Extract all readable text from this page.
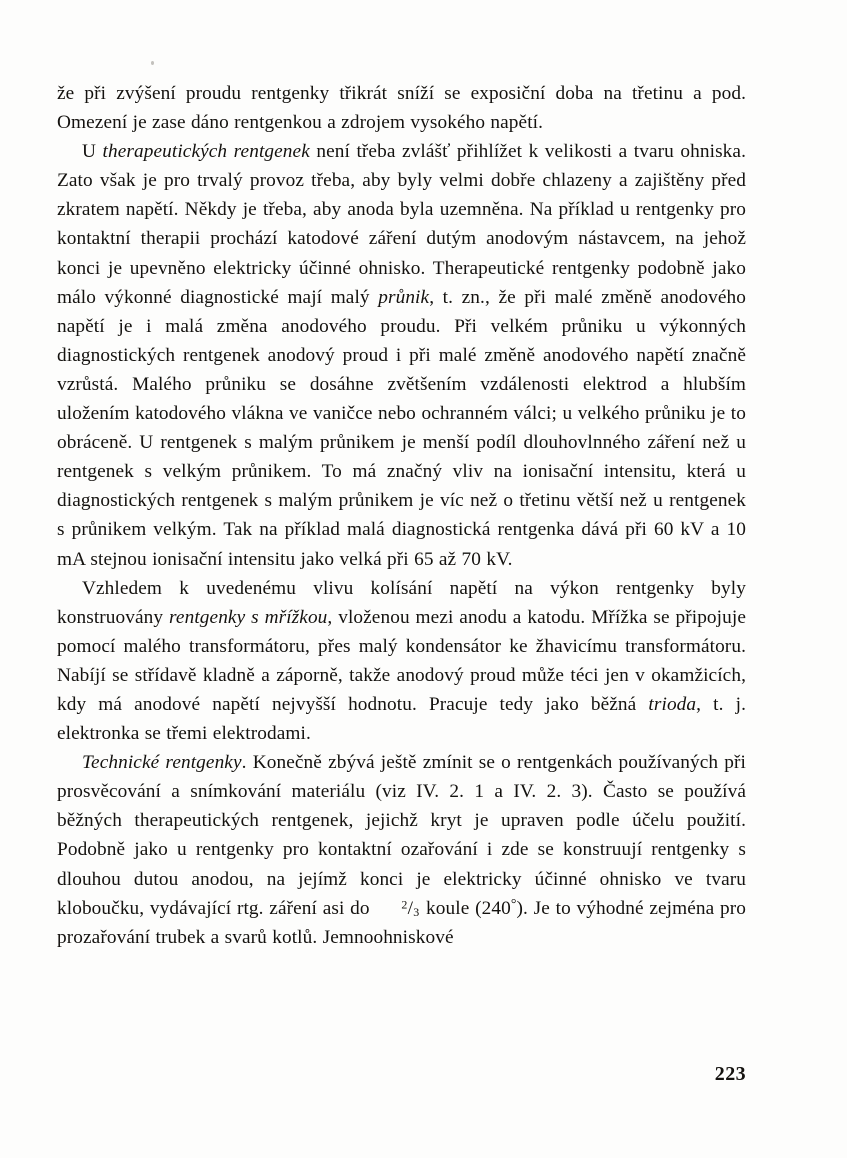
že při zvýšení proudu rentgenky třikrát sníží se exposiční doba na třetinu a pod. Omezení je zase dáno rentgenkou a zdrojem vysokého napětí.

U therapeutických rentgenek není třeba zvlášť přihlížet k velikosti a tvaru ohniska. Zato však je pro trvalý provoz třeba, aby byly velmi dobře chlazeny a zajištěny před zkratem napětí. Někdy je třeba, aby anoda byla uzemněna. Na příklad u rentgenky pro kontaktní therapii prochází katodové záření dutým anodovým nástavcem, na jehož konci je upevněno elektricky účinné ohnisko. Therapeutické rentgenky podobně jako málo výkonné diagnostické mají malý průnik, t. zn., že při malé změně anodového napětí je i malá změna anodového proudu. Při velkém průniku u výkonných diagnostických rentgenek anodový proud i při malé změně anodového napětí značně vzrůstá. Malého průniku se dosáhne zvětšením vzdálenosti elektrod a hlubším uložením katodového vlákna ve vaničce nebo ochranném válci; u velkého průniku je to obráceně. U rentgenek s malým průnikem je menší podíl dlouhovlnného záření než u rentgenek s velkým průnikem. To má značný vliv na ionisační intensitu, která u diagnostických rentgenek s malým průnikem je víc než o třetinu větší než u rentgenek s průnikem velkým. Tak na příklad malá diagnostická rentgenka dává při 60 kV a 10 mA stejnou ionisační intensitu jako velká při 65 až 70 kV.

Vzhledem k uvedenému vlivu kolísání napětí na výkon rentgenky byly konstruovány rentgenky s mřížkou, vloženou mezi anodu a katodu. Mřížka se připojuje pomocí malého transformátoru, přes malý kondensátor ke žhavicímu transformátoru. Nabíjí se střídavě kladně a záporně, takže anodový proud může téci jen v okamžicích, kdy má anodové napětí nejvyšší hodnotu. Pracuje tedy jako běžná trioda, t. j. elektronka se třemi elektrodami.

Technické rentgenky. Konečně zbývá ještě zmínit se o rentgenkách používaných při prosvěcování a snímkování materiálu (viz IV. 2. 1 a IV. 2. 3). Často se používá běžných therapeutických rentgenek, jejichž kryt je upraven podle účelu použití. Podobně jako u rentgenky pro kontaktní ozařování i zde se konstruují rentgenky s dlouhou dutou anodou, na jejímž konci je elektricky účinné ohnisko ve tvaru kloboučku, vydávající rtg. záření asi do $^2/_3$ koule (240°). Je to výhodné zejména pro prozařování trubek a svarů kotlů. Jemnoohniskové

223
